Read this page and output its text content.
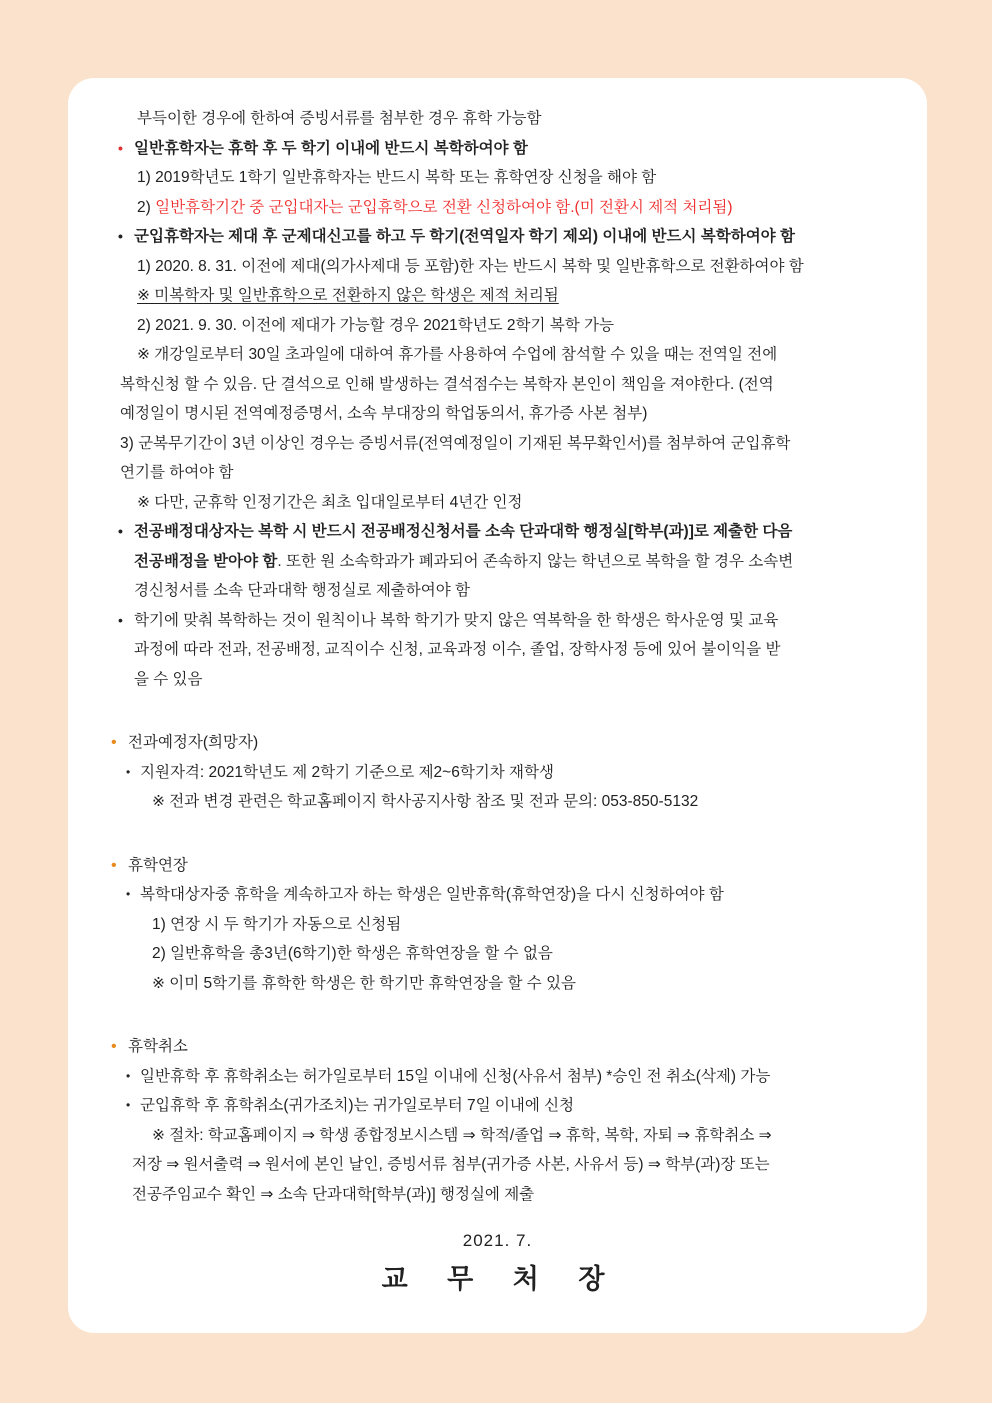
부득이한 경우에 한하여 증빙서류를 첨부한 경우 휴학 가능함
• 일반휴학자는 휴학 후 두 학기 이내에 반드시 복학하여야 함
1) 2019학년도 1학기 일반휴학자는 반드시 복학 또는 휴학연장 신청을 해야 함
2) 일반휴학기간 중 군입대자는 군입휴학으로 전환 신청하여야 함.(미 전환시 제적 처리됨)
• 군입휴학자는 제대 후 군제대신고를 하고 두 학기(전역일자 학기 제외) 이내에 반드시 복학하여야 함
1) 2020. 8. 31. 이전에 제대(의가사제대 등 포함)한 자는 반드시 복학 및 일반휴학으로 전환하여야 함
※ 미복학자 및 일반휴학으로 전환하지 않은 학생은 제적 처리됨
2) 2021. 9. 30. 이전에 제대가 가능할 경우 2021학년도 2학기 복학 가능
※ 개강일로부터 30일 초과일에 대하여 휴가를 사용하여 수업에 참석할 수 있을 때는 전역일 전에
복학신청 할 수 있음. 단 결석으로 인해 발생하는 결석점수는 복학자 본인이 책임을 져야한다. (전역
예정일이 명시된 전역예정증명서, 소속 부대장의 학업동의서, 휴가증 사본 첨부)
3) 군복무기간이 3년 이상인 경우는 증빙서류(전역예정일이 기재된 복무확인서)를 첨부하여 군입휴학
연기를 하여야 함
※ 다만, 군휴학 인정기간은 최초 입대일로부터 4년간 인정
• 전공배정대상자는 복학 시 반드시 전공배정신청서를 소속 단과대학 행정실[학부(과)]로 제출한 다음
전공배정을 받아야 함. 또한 원 소속학과가 폐과되어 존속하지 않는 학년으로 복학을 할 경우 소속변
경신청서를 소속 단과대학 행정실로 제출하여야 함
• 학기에 맞춰 복학하는 것이 원칙이나 복학 학기가 맞지 않은 역복학을 한 학생은 학사운영 및 교육
과정에 따라 전과, 전공배정, 교직이수 신청, 교육과정 이수, 졸업, 장학사정 등에 있어 불이익을 받
을 수 있음
• 전과예정자(희망자)
• 지원자격: 2021학년도 제 2학기 기준으로 제2~6학기차 재학생
※ 전과 변경 관련은 학교홈페이지 학사공지사항 참조 및 전과 문의: 053-850-5132
• 휴학연장
• 복학대상자중 휴학을 계속하고자 하는 학생은 일반휴학(휴학연장)을 다시 신청하여야 함
1) 연장 시 두 학기가 자동으로 신청됨
2) 일반휴학을 총3년(6학기)한 학생은 휴학연장을 할 수 없음
※ 이미 5학기를 휴학한 학생은 한 학기만 휴학연장을 할 수 있음
• 휴학취소
• 일반휴학 후 휴학취소는 허가일로부터 15일 이내에 신청(사유서 첨부) *승인 전 취소(삭제) 가능
• 군입휴학 후 휴학취소(귀가조치)는 귀가일로부터 7일 이내에 신청
※ 절차: 학교홈페이지 ⇒ 학생 종합정보시스템 ⇒ 학적/졸업 ⇒ 휴학, 복학, 자퇴 ⇒ 휴학취소 ⇒
저장 ⇒ 원서출력 ⇒ 원서에 본인 날인, 증빙서류 첨부(귀가증 사본, 사유서 등) ⇒ 학부(과)장 또는
전공주임교수 확인 ⇒ 소속 단과대학[학부(과)] 행정실에 제출
2021. 7.
교 무 처 장
